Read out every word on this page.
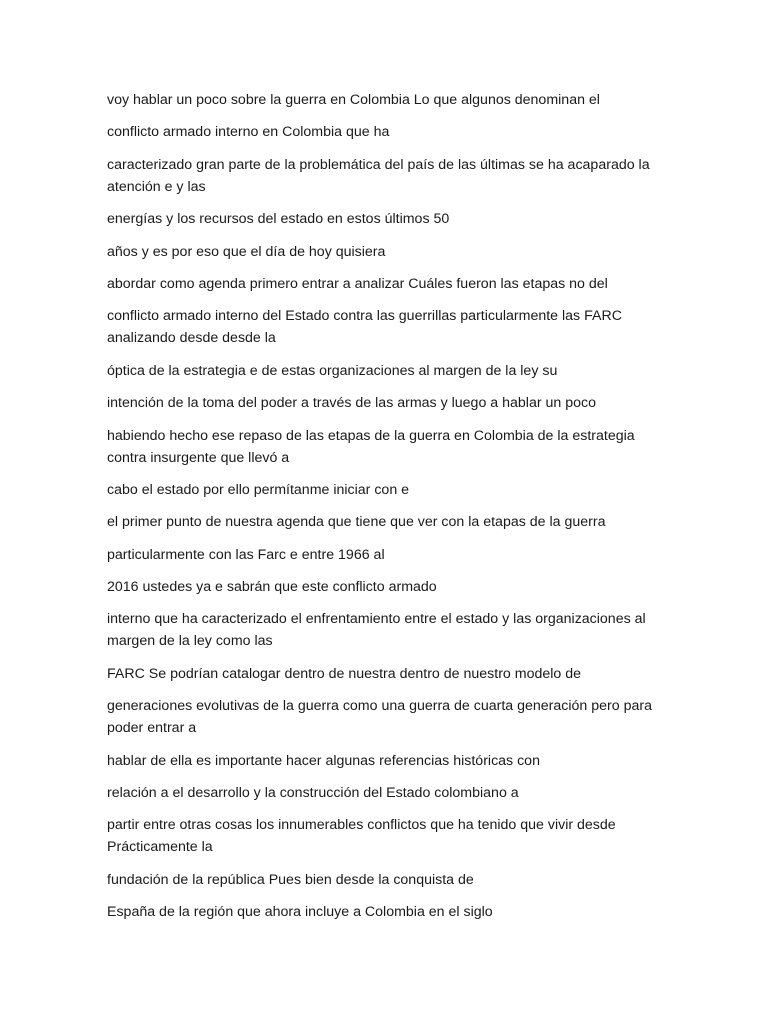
voy hablar un poco sobre la guerra en Colombia Lo que algunos denominan el

conflicto armado interno en Colombia que ha

caracterizado gran parte de la problemática del país de las últimas se ha acaparado la atención e y las

energías y los recursos del estado en estos últimos 50

años y es por eso que el día de hoy quisiera

abordar como agenda primero entrar a analizar Cuáles fueron las etapas no del

conflicto armado interno del Estado contra las guerrillas particularmente las FARC analizando desde desde la

óptica de la estrategia e de estas organizaciones al margen de la ley su

intención de la toma del poder a través de las armas y luego a hablar un poco

habiendo hecho ese repaso de las etapas de la guerra en Colombia de la estrategia contra insurgente que llevó a

cabo el estado por ello permítanme iniciar con e

el primer punto de nuestra agenda que tiene que ver con la etapas de la guerra

particularmente con las Farc e entre 1966 al

2016 ustedes ya e sabrán que este conflicto armado

interno que ha caracterizado el enfrentamiento entre el estado y las organizaciones al margen de la ley como las

FARC Se podrían catalogar dentro de nuestra dentro de nuestro modelo de

generaciones evolutivas de la guerra como una guerra de cuarta generación pero para poder entrar a

hablar de ella es importante hacer algunas referencias históricas con

relación a el desarrollo y la construcción del Estado colombiano a

partir entre otras cosas los innumerables conflictos que ha tenido que vivir desde Prácticamente la

fundación de la república Pues bien desde la conquista de

España de la región que ahora incluye a Colombia en el siglo
